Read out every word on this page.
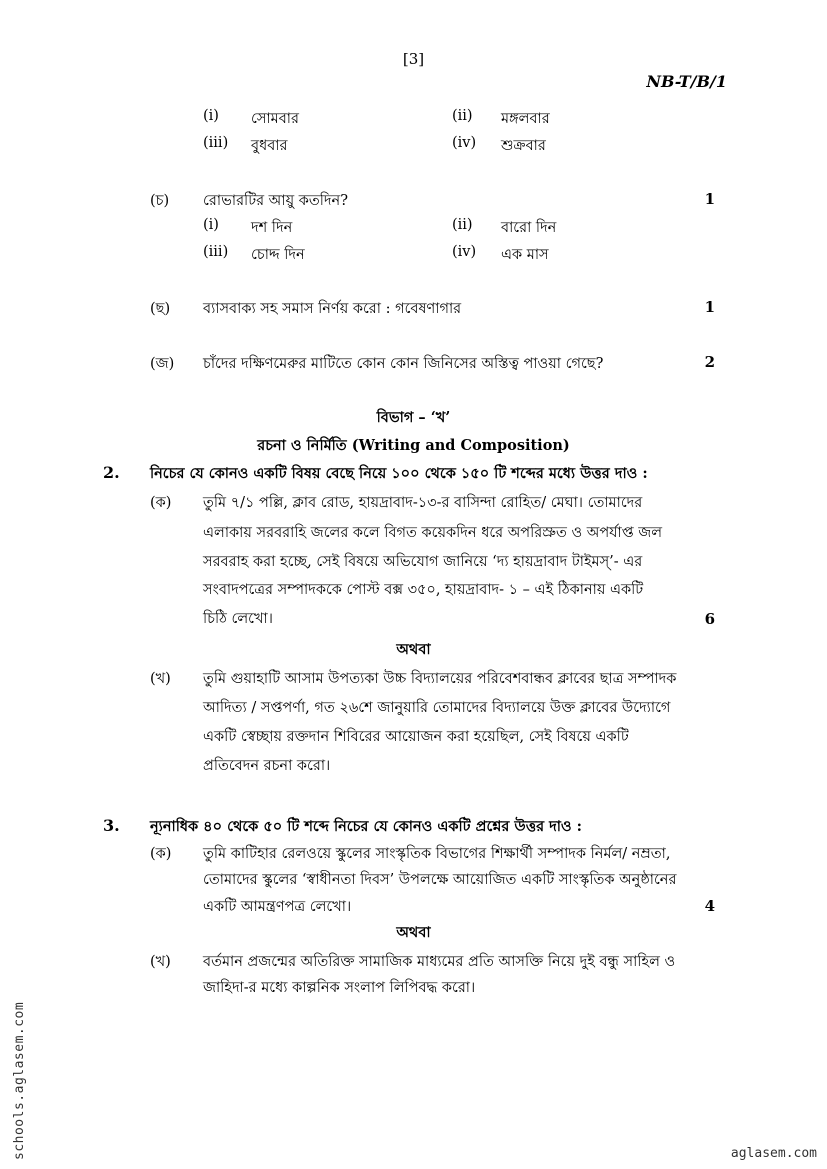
[3]
NB-T/B/1
(i) সোমবার	(ii) মঙ্গলবার
(iii) বুধবার	(iv) শুক্রবার
(চ) রোভারটির আয়ু কতদিন?	1
(i) দশ দিন	(ii) বারো দিন
(iii) চোদ্দ দিন	(iv) এক মাস
(ছ) ব্যাসবাক্য সহ সমাস নির্ণয় করো : গবেষণাগার	1
(জ) চাঁদের দক্ষিণমেরুর মাটিতে কোন কোন জিনিসের অস্তিত্ব পাওয়া গেছে?	2
বিভাগ – ‘খ’
রচনা ও নির্মিতি (Writing and Composition)
2. নিচের যে কোনও একটি বিষয় বেছে নিয়ে ১০০ থেকে ১৫০ টি শব্দের মধ্যে উত্তর দাও :
(ক) তুমি ৭/১ পল্লি, ক্লাব রোড, হায়দ্রাবাদ-১৩-র বাসিন্দা রোহিত/ মেঘা। তোমাদের
এলাকায় সরবরাহি জলের কলে বিগত কয়েকদিন ধরে অপরিস্রুত ও অপর্যাপ্ত জল
সরবরাহ করা হচ্ছে, সেই বিষয়ে অভিযোগ জানিয়ে ‘দ্য হায়দ্রাবাদ টাইমস্’- এর
সংবাদপত্রের সম্পাদককে পোস্ট বক্স ৩৫০, হায়দ্রাবাদ- ১ – এই ঠিকানায় একটি
চিঠি লেখো।	6
অথবা
(খ) তুমি গুয়াহাটি আসাম উপত্যকা উচ্চ বিদ্যালয়ের পরিবেশবান্ধব ক্লাবের ছাত্র সম্পাদক
আদিত্য / সপ্তপর্ণা, গত ২৬শে জানুয়ারি তোমাদের বিদ্যালয়ে উক্ত ক্লাবের উদ্যোগে
একটি স্বেচ্ছায় রক্তদান শিবিরের আয়োজন করা হয়েছিল, সেই বিষয়ে একটি
প্রতিবেদন রচনা করো।
3. ন্যূনাধিক ৪০ থেকে ৫০ টি শব্দে নিচের যে কোনও একটি প্রশ্নের উত্তর দাও :
(ক) তুমি কাটিহার রেলওয়ে স্কুলের সাংস্কৃতিক বিভাগের শিক্ষার্থী সম্পাদক নির্মল/ নম্রতা,
তোমাদের স্কুলের ‘স্বাধীনতা দিবস’ উপলক্ষে আয়োজিত একটি সাংস্কৃতিক অনুষ্ঠানের
একটি আমন্ত্রণপত্র লেখো।	4
অথবা
(খ) বর্তমান প্রজন্মের অতিরিক্ত সামাজিক মাধ্যমের প্রতি আসক্তি নিয়ে দুই বন্ধু সাহিল ও
জাহিদা-র মধ্যে কাল্পনিক সংলাপ লিপিবদ্ধ করো।
schools.aglasem.com	aglasem.com
